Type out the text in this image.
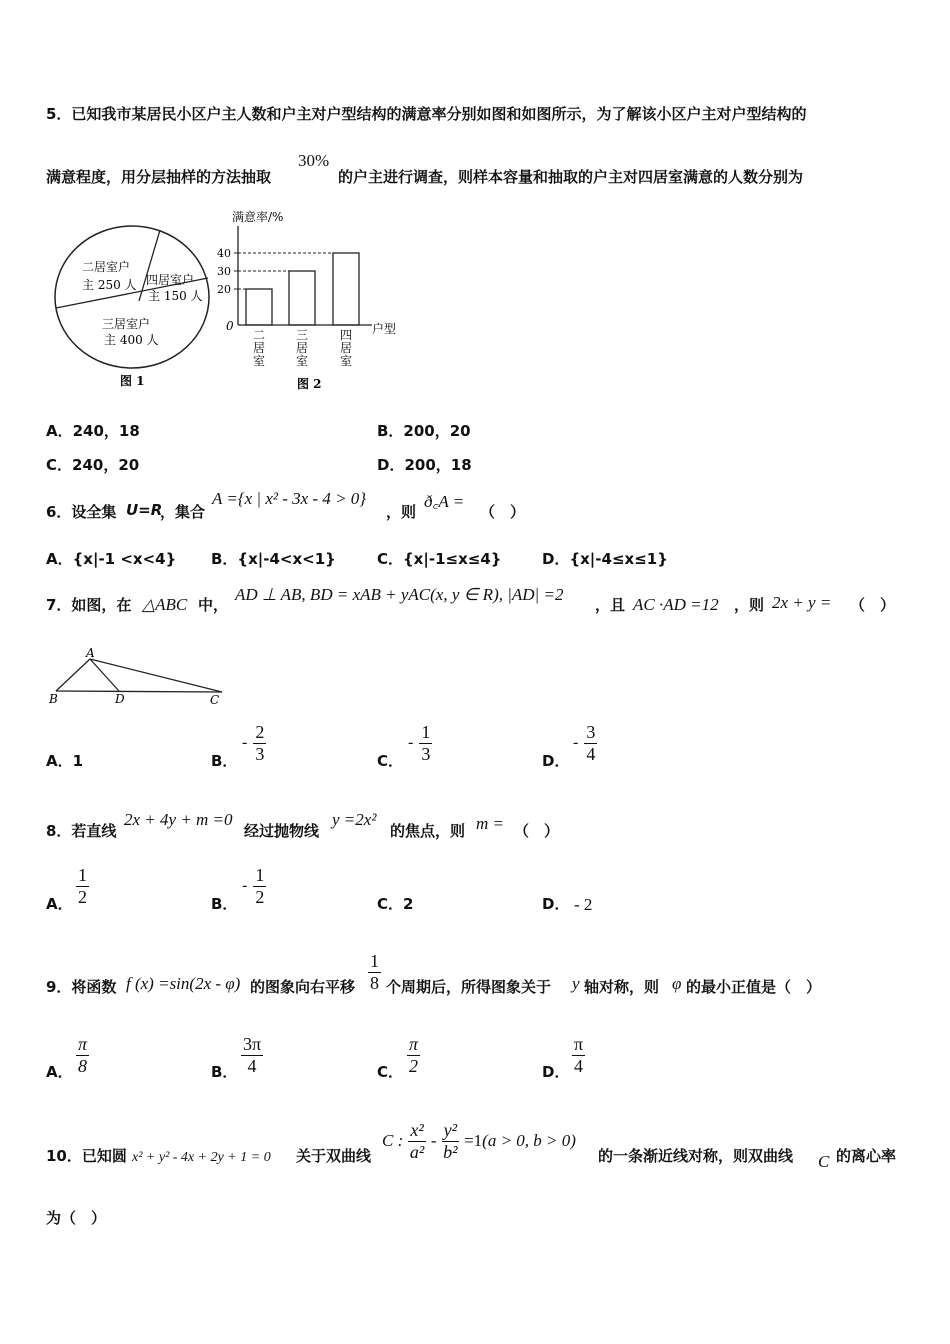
5．已知我市某居民小区户主人数和户主对户型结构的满意率分别如图和如图所示，为了解该小区户主对户型结构的
满意程度，用分层抽样的方法抽取
30%
的户主进行调查，则样本容量和抽取的户主对四居室满意的人数分别为
二居室户
主 250 人 四居室户
主 150 人
三居室户
主 400 人
图 1
满意率/%
0	户型
20
30
40
二
居
室
三
居
室
四
居
室
图 2
A．240，18	B．200，20
C．240，20	D．200，18
6．设全集 U=R
，集合
A ={x | x² - 3x - 4 > 0}
，则
ð꜀A =
（　）
A．{x|-1 <x<4} B．{x|-4<x<1}	C．{x|-1≤x≤4}	D．{x|-4≤x≤1}
7．如图，在 △ABC 中，
AD ⊥ AB, BD = xAB + yAC(x, y ∈ R), |AD| =2
，且 AC ·AD =12 ，则 2x + y = （　）
A
B	D	C
A．1	B．
- $\frac{2}{3}$	C．
- $\frac{1}{3}$	D．
- $\frac{3}{4}$
8．若直线
2x + 4y + m =0
经过抛物线
y =2x²
的焦点，则 m = （　）
A． $\frac{1}{2}$	B．
- $\frac{1}{2}$	C．2	D． - 2
9．将函数 f (x) =sin(2x - φ) 的图象向右平移 $\frac{1}{8}$ 个周期后，所得图象关于 y 轴对称，则 φ 的最小正值是（　）
A． $\frac{\pi}{8}$	B． $\frac{3\pi}{4}$	C． $\frac{\pi}{2}$	D． $\frac{\pi}{4}$
10．已知圆 x² + y² - 4x + 2y + 1 = 0 关于双曲线
C : $\frac{\text{x²}}{\text{a²}} - \frac{\text{y²}}{\text{b²}} =1(a > 0$, b > 0)
的一条渐近线对称，则双曲线 C 的离心率
为（　）
